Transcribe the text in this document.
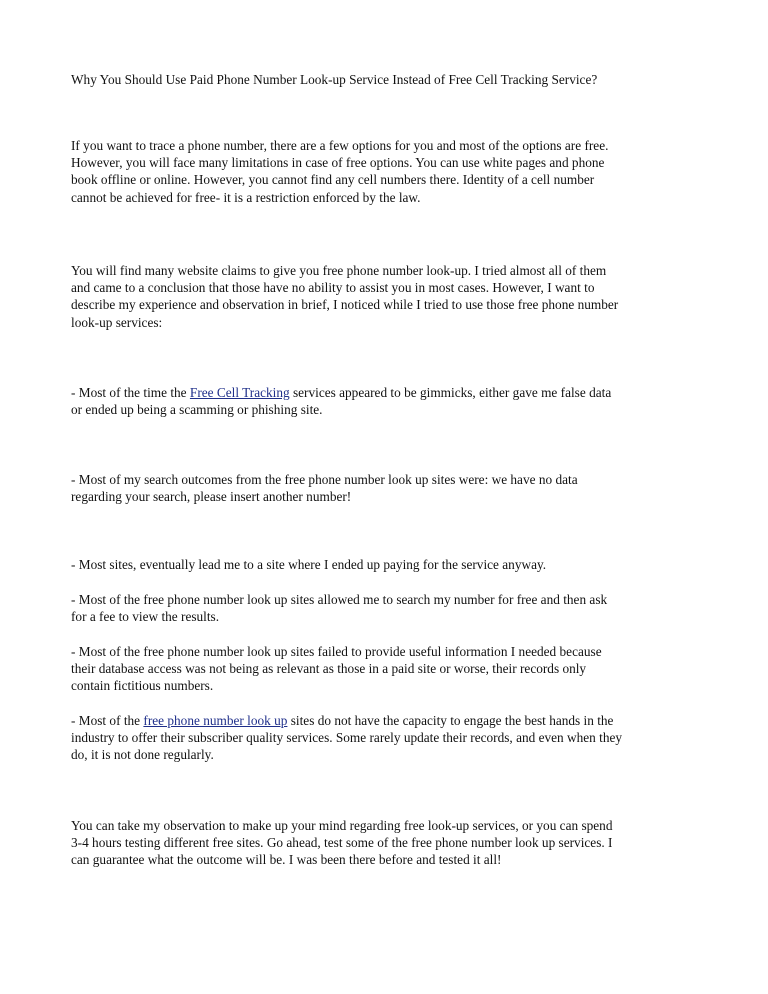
Why You Should Use Paid Phone Number Look-up Service Instead of Free Cell Tracking Service?

If you want to trace a phone number, there are a few options for you and most of the options are free.
However, you will face many limitations in case of free options. You can use white pages and phone
book offline or online. However, you cannot find any cell numbers there. Identity of a cell number
cannot be achieved for free- it is a restriction enforced by the law.

You will find many website claims to give you free phone number look-up. I tried almost all of them
and came to a conclusion that those have no ability to assist you in most cases. However, I want to
describe my experience and observation in brief, I noticed while I tried to use those free phone number
look-up services:

- Most of the time the Free Cell Tracking services appeared to be gimmicks, either gave me false data
or ended up being a scamming or phishing site.

- Most of my search outcomes from the free phone number look up sites were: we have no data
regarding your search, please insert another number!

- Most sites, eventually lead me to a site where I ended up paying for the service anyway.

- Most of the free phone number look up sites allowed me to search my number for free and then ask
for a fee to view the results.

- Most of the free phone number look up sites failed to provide useful information I needed because
their database access was not being as relevant as those in a paid site or worse, their records only
contain fictitious numbers.

- Most of the free phone number look up sites do not have the capacity to engage the best hands in the
industry to offer their subscriber quality services. Some rarely update their records, and even when they
do, it is not done regularly.

You can take my observation to make up your mind regarding free look-up services, or you can spend
3-4 hours testing different free sites. Go ahead, test some of the free phone number look up services. I
can guarantee what the outcome will be. I was been there before and tested it all!
